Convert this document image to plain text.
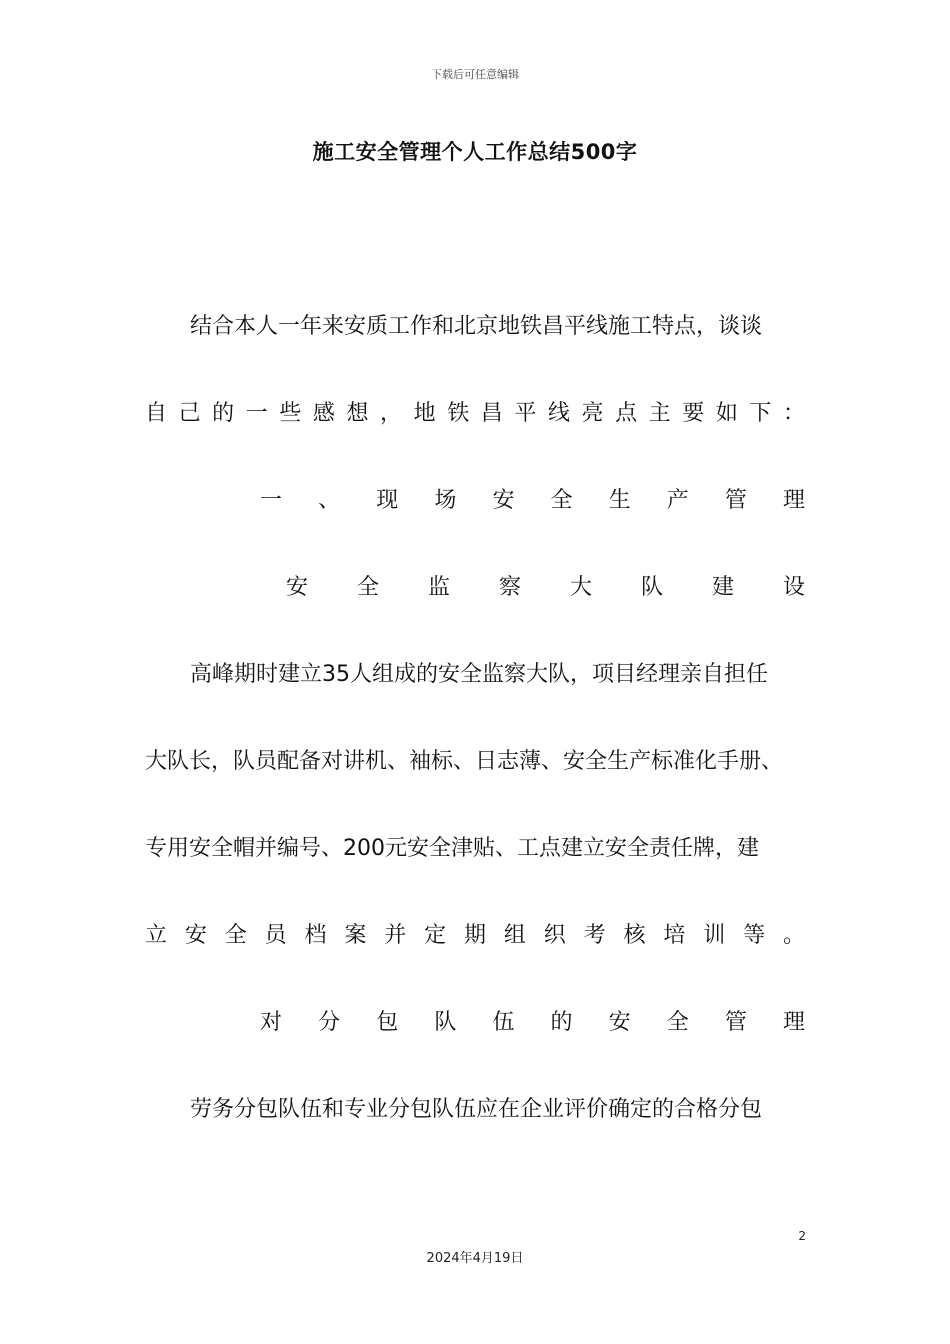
下载后可任意编辑
施工安全管理个人工作总结500字
结合本人一年来安质工作和北京地铁昌平线施工特点，谈谈
自 己 的 一 些 感 想 ， 地 铁 昌 平 线 亮 点 主 要 如 下 ：
一 、 现 场 安 全 生 产 管 理
安 全 监 察 大 队 建 设
高峰期时建立35人组成的安全监察大队，项目经理亲自担任
大队长，队员配备对讲机、袖标、日志薄、安全生产标准化手册、
专用安全帽并编号、200元安全津贴、工点建立安全责任牌，建
立 安 全 员 档 案 并 定 期 组 织 考 核 培 训 等 。
对 分 包 队 伍 的 安 全 管 理
劳务分包队伍和专业分包队伍应在企业评价确定的合格分包
2
2024年4月19日
